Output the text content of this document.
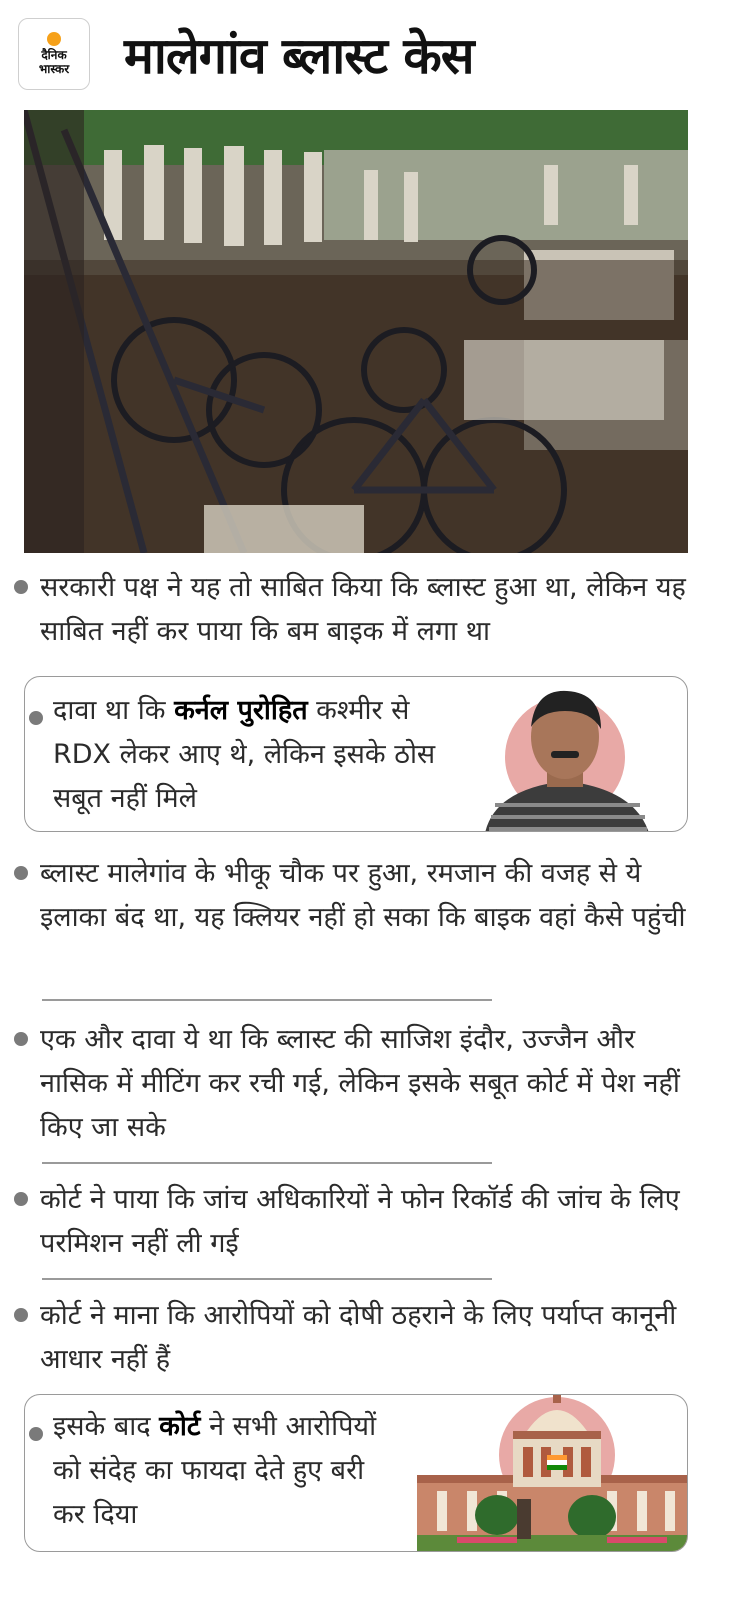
दैनिक
भास्कर मालेगांव ब्लास्ट केस
सरकारी पक्ष ने यह तो साबित किया कि ब्लास्ट हुआ था, लेकिन यह साबित नहीं कर पाया कि बम बाइक में लगा था
दावा था कि कर्नल पुरोहित कश्मीर से RDX लेकर आए थे, लेकिन इसके ठोस सबूत नहीं मिले
ब्लास्ट मालेगांव के भीकू चौक पर हुआ, रमजान की वजह से ये इलाका बंद था, यह क्लियर नहीं हो सका कि बाइक वहां कैसे पहुंची
एक और दावा ये था कि ब्लास्ट की साजिश इंदौर, उज्जैन और नासिक में मीटिंग कर रची गई, लेकिन इसके सबूत कोर्ट में पेश नहीं किए जा सके
कोर्ट ने पाया कि जांच अधिकारियों ने फोन रिकॉर्ड की जांच के लिए परमिशन नहीं ली गई
कोर्ट ने माना कि आरोपियों को दोषी ठहराने के लिए पर्याप्त कानूनी आधार नहीं हैं
इसके बाद कोर्ट ने सभी आरोपियों को संदेह का फायदा देते हुए बरी कर दिया
